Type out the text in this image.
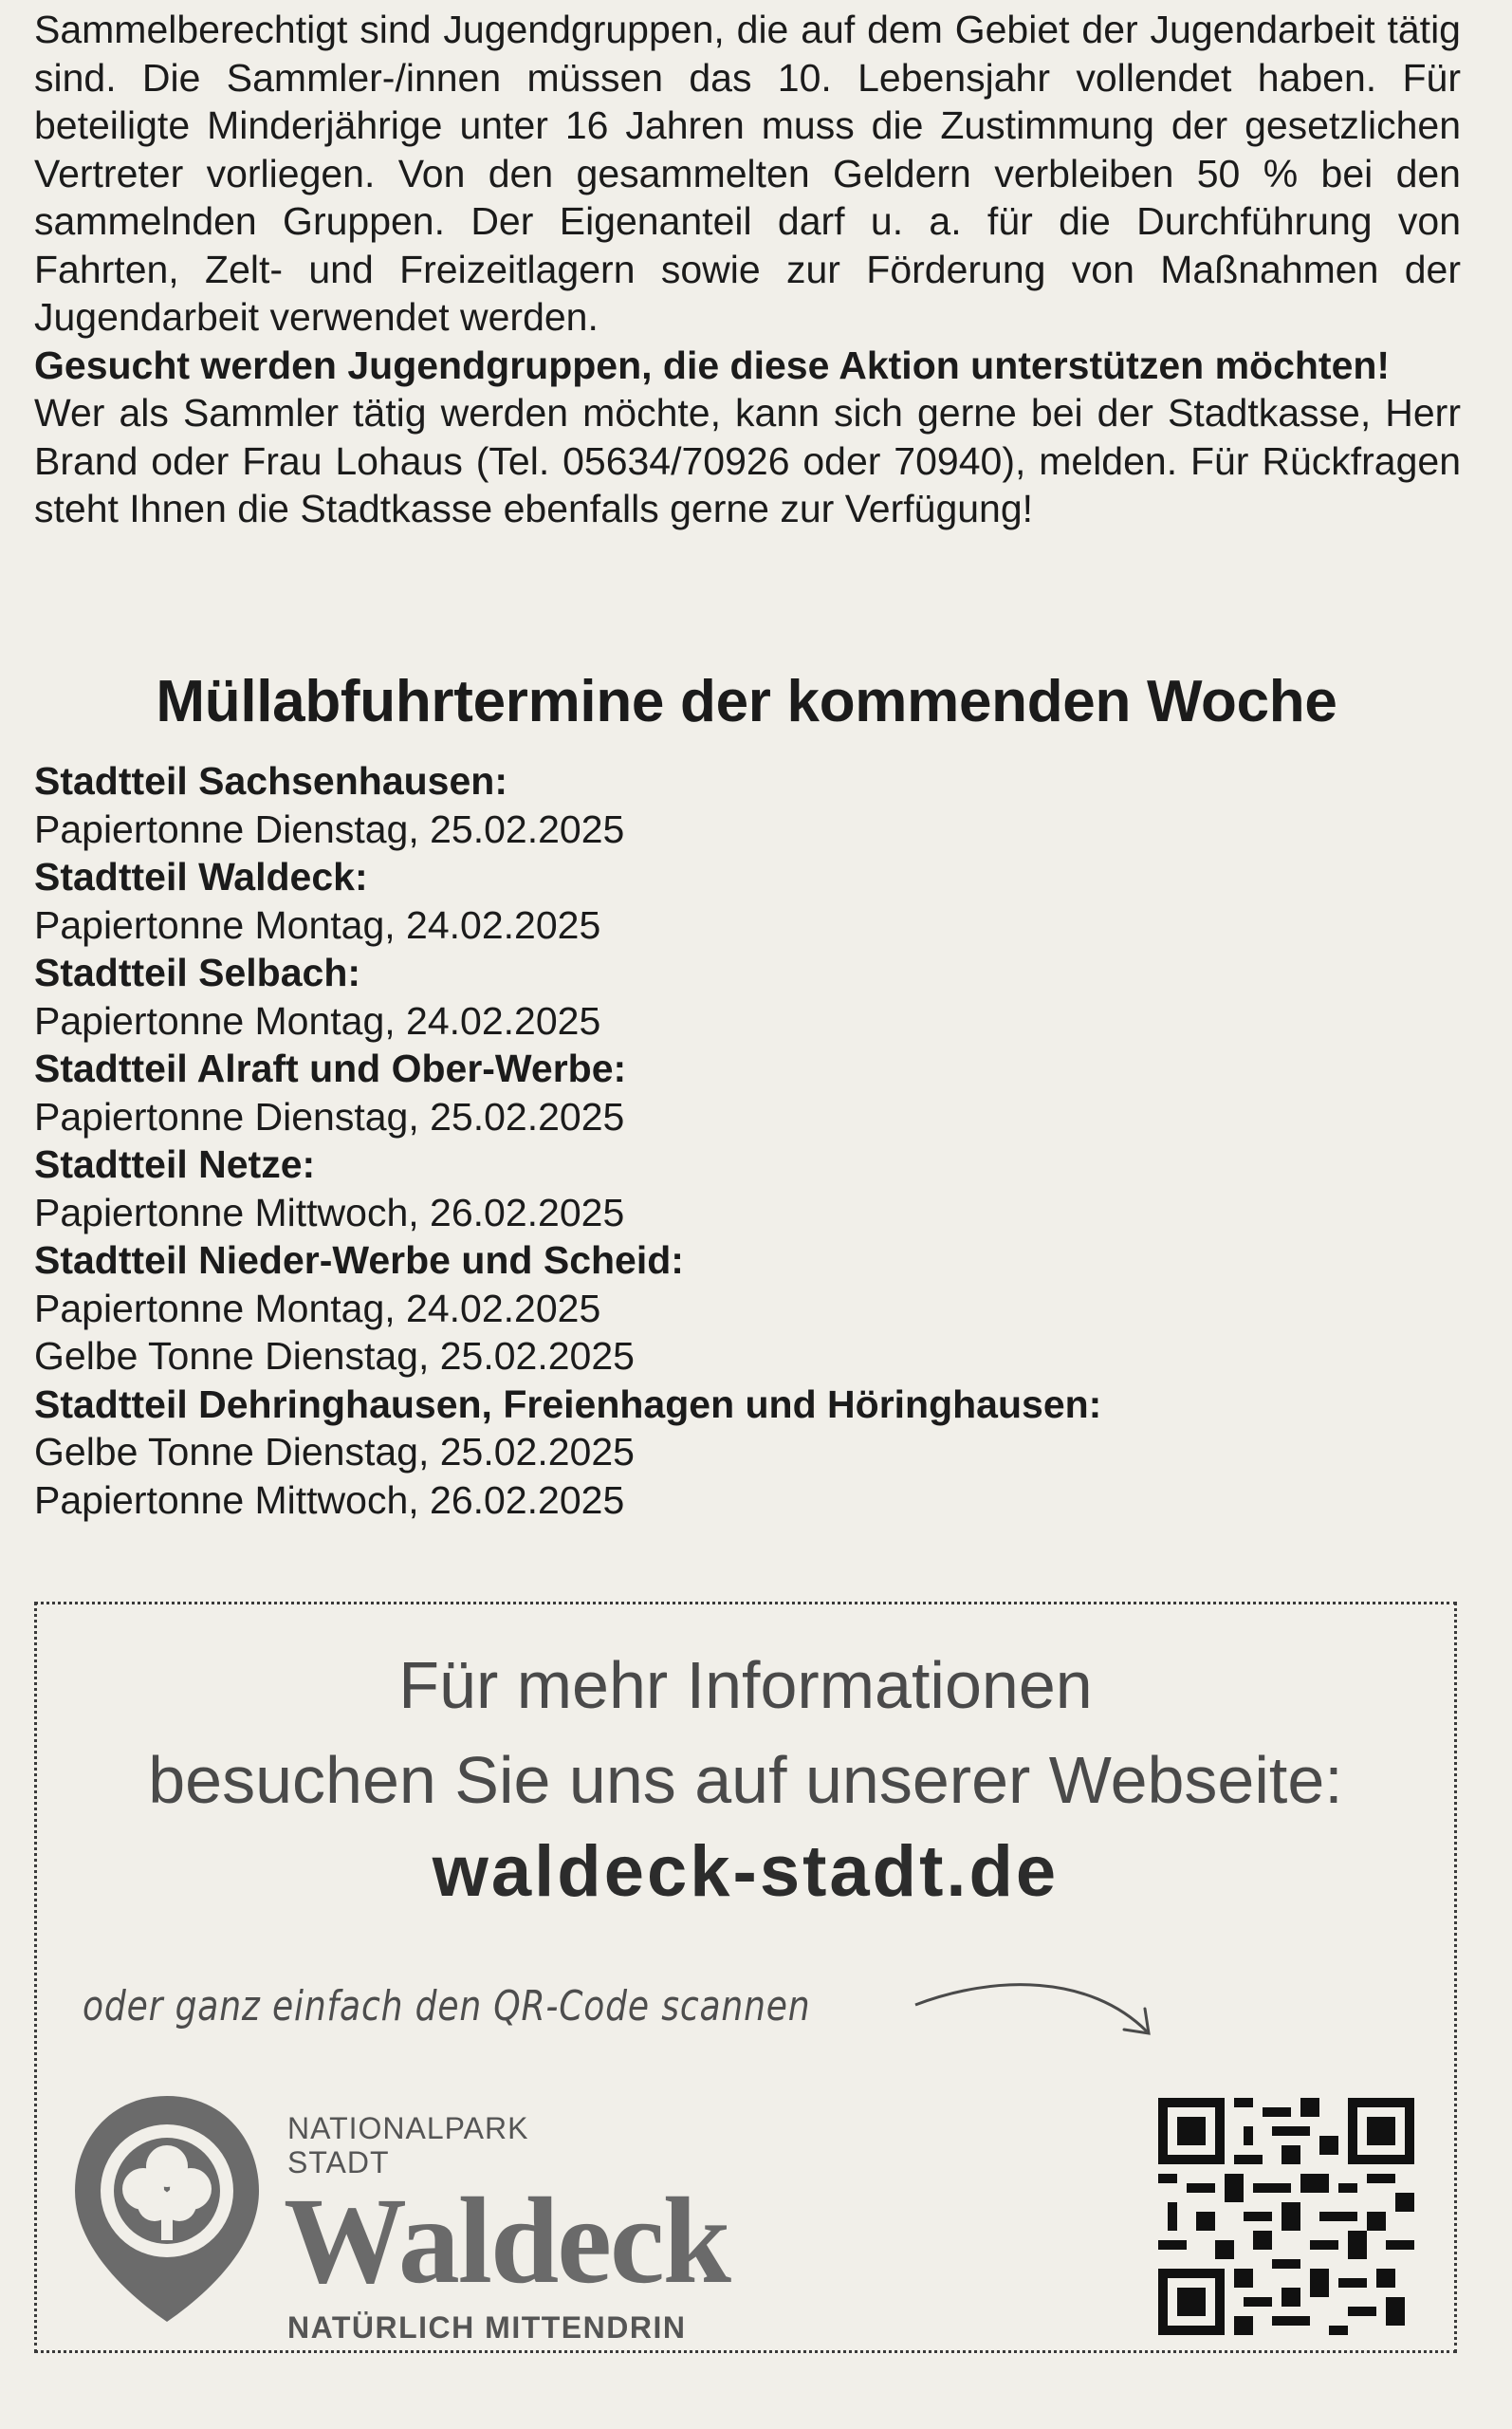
Sammelberechtigt sind Jugendgruppen, die auf dem Gebiet der Jugendarbeit tätig sind. Die Sammler-/innen müssen das 10. Lebensjahr vollendet haben. Für beteiligte Minderjährige unter 16 Jahren muss die Zustimmung der gesetzlichen Vertreter vorliegen. Von den gesammelten Geldern verbleiben 50 % bei den sammelnden Gruppen. Der Eigenanteil darf u. a. für die Durchführung von Fahrten, Zelt- und Freizeitlagern sowie zur Förderung von Maßnahmen der Jugendarbeit verwendet werden.

Gesucht werden Jugendgruppen, die diese Aktion unterstützen möchten!

Wer als Sammler tätig werden möchte, kann sich gerne bei der Stadtkasse, Herr Brand oder Frau Lohaus (Tel. 05634/70926 oder 70940), melden. Für Rückfragen steht Ihnen die Stadtkasse ebenfalls gerne zur Verfügung!

Müllabfuhrtermine der kommenden Woche
Stadtteil Sachsenhausen:
Papiertonne Dienstag, 25.02.2025
Stadtteil Waldeck:
Papiertonne Montag, 24.02.2025
Stadtteil Selbach:
Papiertonne Montag, 24.02.2025
Stadtteil Alraft und Ober-Werbe:
Papiertonne Dienstag, 25.02.2025
Stadtteil Netze:
Papiertonne Mittwoch, 26.02.2025
Stadtteil Nieder-Werbe und Scheid:
Papiertonne Montag, 24.02.2025
Gelbe Tonne Dienstag, 25.02.2025
Stadtteil Dehringhausen, Freienhagen und Höringhausen:
Gelbe Tonne Dienstag, 25.02.2025
Papiertonne Mittwoch, 26.02.2025
Für mehr Informationen
besuchen Sie uns auf unserer Webseite:
waldeck-stadt.de
oder ganz einfach den QR-Code scannen
NATIONALPARK
STADT
Waldeck
NATÜRLICH MITTENDRIN
